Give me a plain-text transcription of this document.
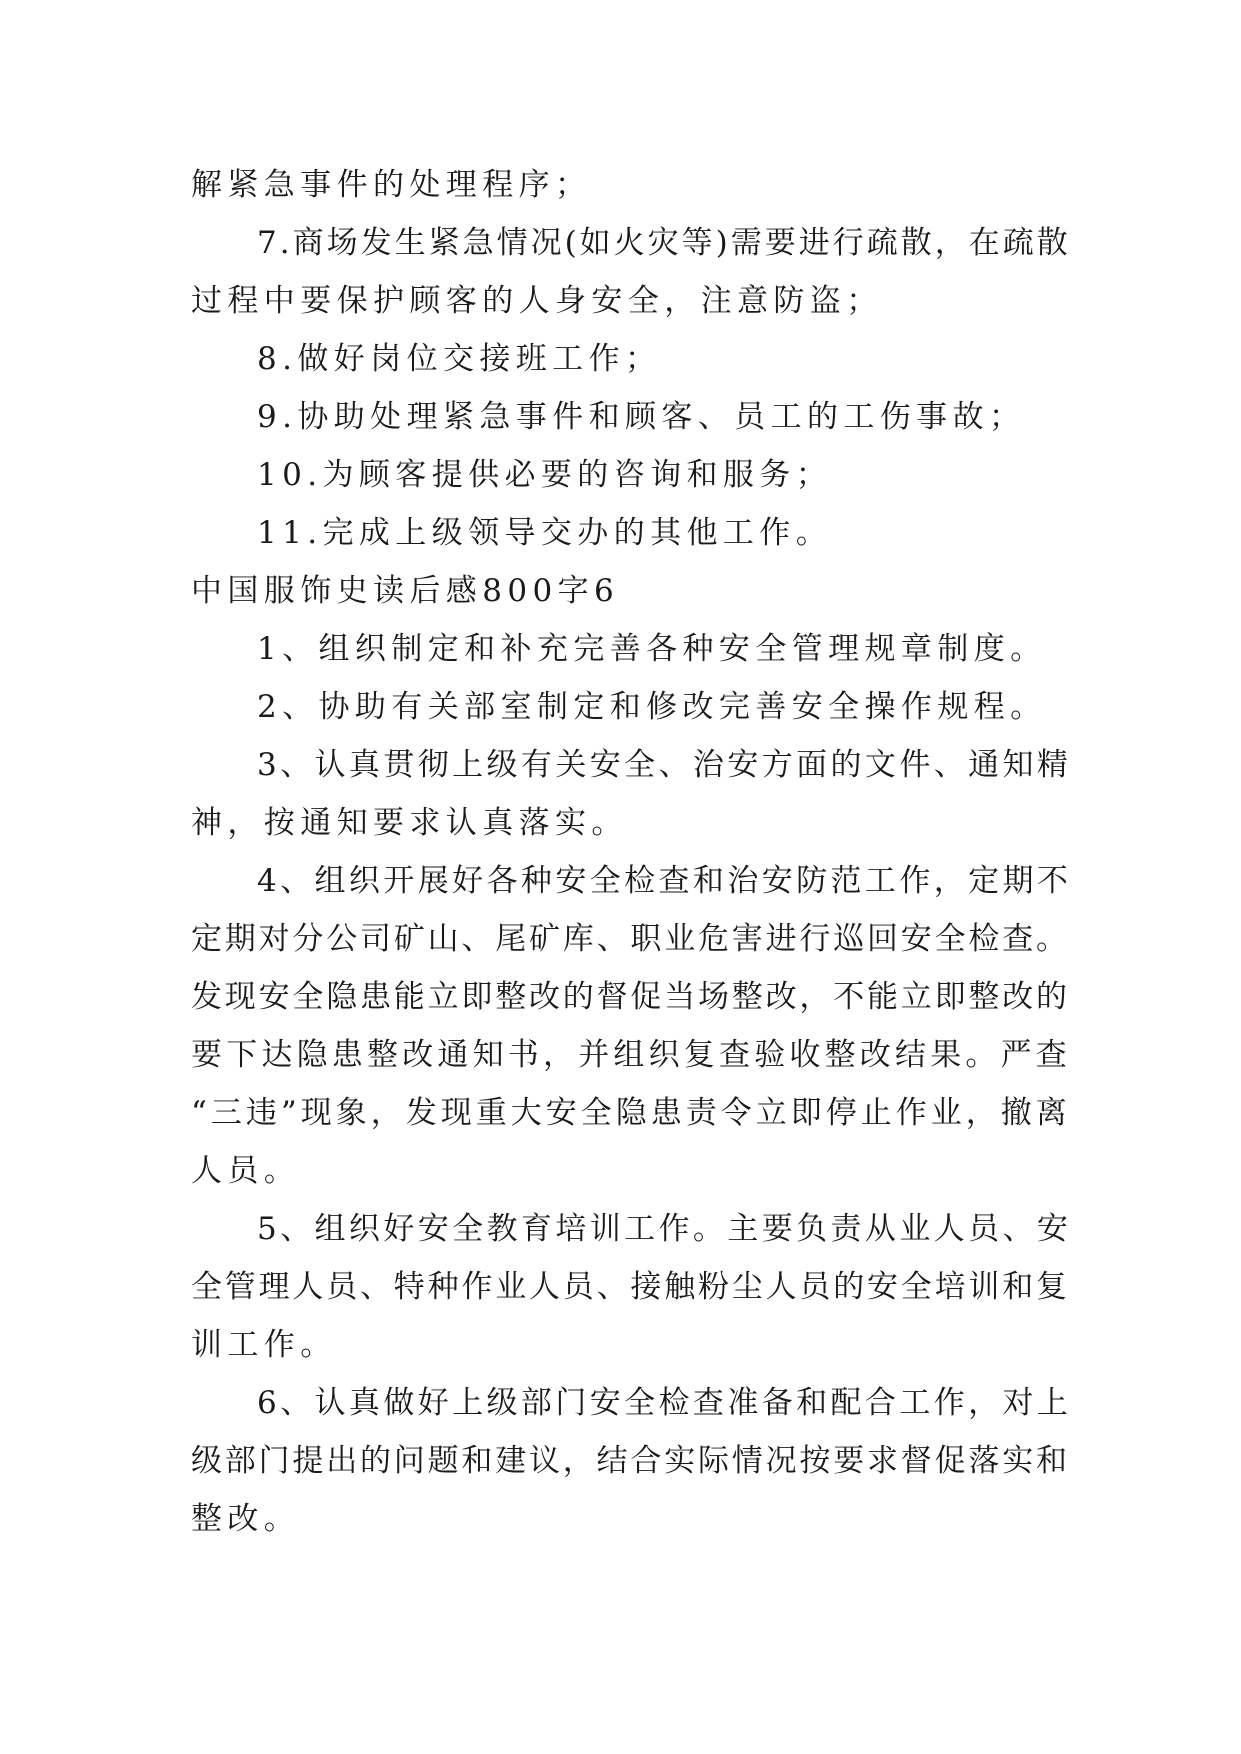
解紧急事件的处理程序；
7.商场发生紧急情况(如火灾等)需要进行疏散，在疏散
过程中要保护顾客的人身安全，注意防盗；
8.做好岗位交接班工作；
9.协助处理紧急事件和顾客、员工的工伤事故；
10.为顾客提供必要的咨询和服务；
11.完成上级领导交办的其他工作。
中国服饰史读后感800字6
1、组织制定和补充完善各种安全管理规章制度。
2、协助有关部室制定和修改完善安全操作规程。
3、认真贯彻上级有关安全、治安方面的文件、通知精
神，按通知要求认真落实。
4、组织开展好各种安全检查和治安防范工作，定期不
定期对分公司矿山、尾矿库、职业危害进行巡回安全检查。
发现安全隐患能立即整改的督促当场整改，不能立即整改的
要下达隐患整改通知书，并组织复查验收整改结果。严查
“三违”现象，发现重大安全隐患责令立即停止作业，撤离
人员。
5、组织好安全教育培训工作。主要负责从业人员、安
全管理人员、特种作业人员、接触粉尘人员的安全培训和复
训工作。
6、认真做好上级部门安全检查准备和配合工作，对上
级部门提出的问题和建议，结合实际情况按要求督促落实和
整改。
